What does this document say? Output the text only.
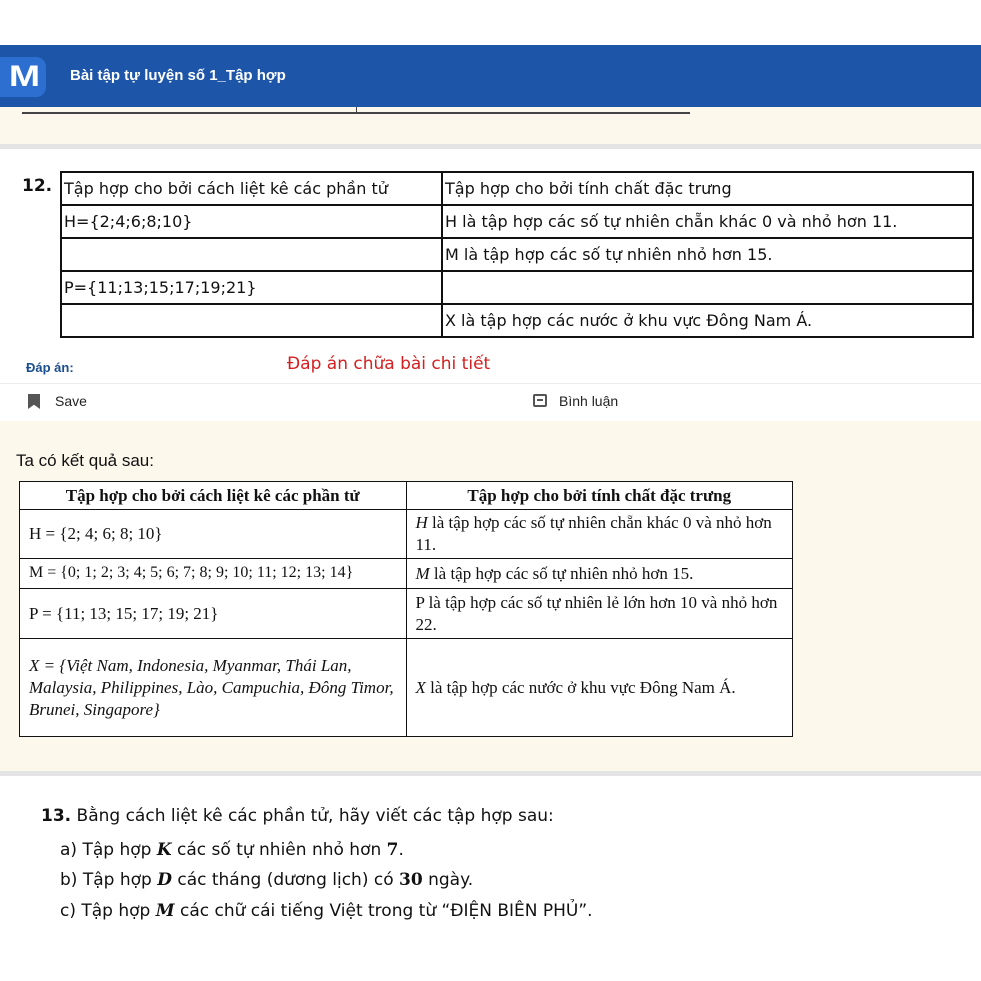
M	Bài tập tự luyện số 1_Tập hợp
12. Tập hợp cho bởi cách liệt kê các phần tử	Tập hợp cho bởi tính chất đặc trưng
H={2;4;6;8;10}	H là tập hợp các số tự nhiên chẵn khác 0 và nhỏ hơn 11.
	M là tập hợp các số tự nhiên nhỏ hơn 15.
P={11;13;15;17;19;21}	
	X là tập hợp các nước ở khu vực Đông Nam Á.
Đáp án:	Đáp án chữa bài chi tiết
Save	Bình luận
Ta có kết quả sau:
Tập hợp cho bởi cách liệt kê các phần tử	Tập hợp cho bởi tính chất đặc trưng
H = {2; 4; 6; 8; 10}	H là tập hợp các số tự nhiên chẵn khác 0 và nhỏ hơn 11.
M = {0; 1; 2; 3; 4; 5; 6; 7; 8; 9; 10; 11; 12; 13; 14}	M là tập hợp các số tự nhiên nhỏ hơn 15.
P = {11; 13; 15; 17; 19; 21}	P là tập hợp các số tự nhiên lẻ lớn hơn 10 và nhỏ hơn 22.
X = {Việt Nam, Indonesia, Myanmar, Thái Lan, Malaysia, Philippines, Lào, Campuchia, Đông Timor, Brunei, Singapore}	X là tập hợp các nước ở khu vực Đông Nam Á.
13. Bằng cách liệt kê các phần tử, hãy viết các tập hợp sau:
a) Tập hợp K các số tự nhiên nhỏ hơn 7.
b) Tập hợp D các tháng (dương lịch) có 30 ngày.
c) Tập hợp M các chữ cái tiếng Việt trong từ “ĐIỆN BIÊN PHỦ”.
